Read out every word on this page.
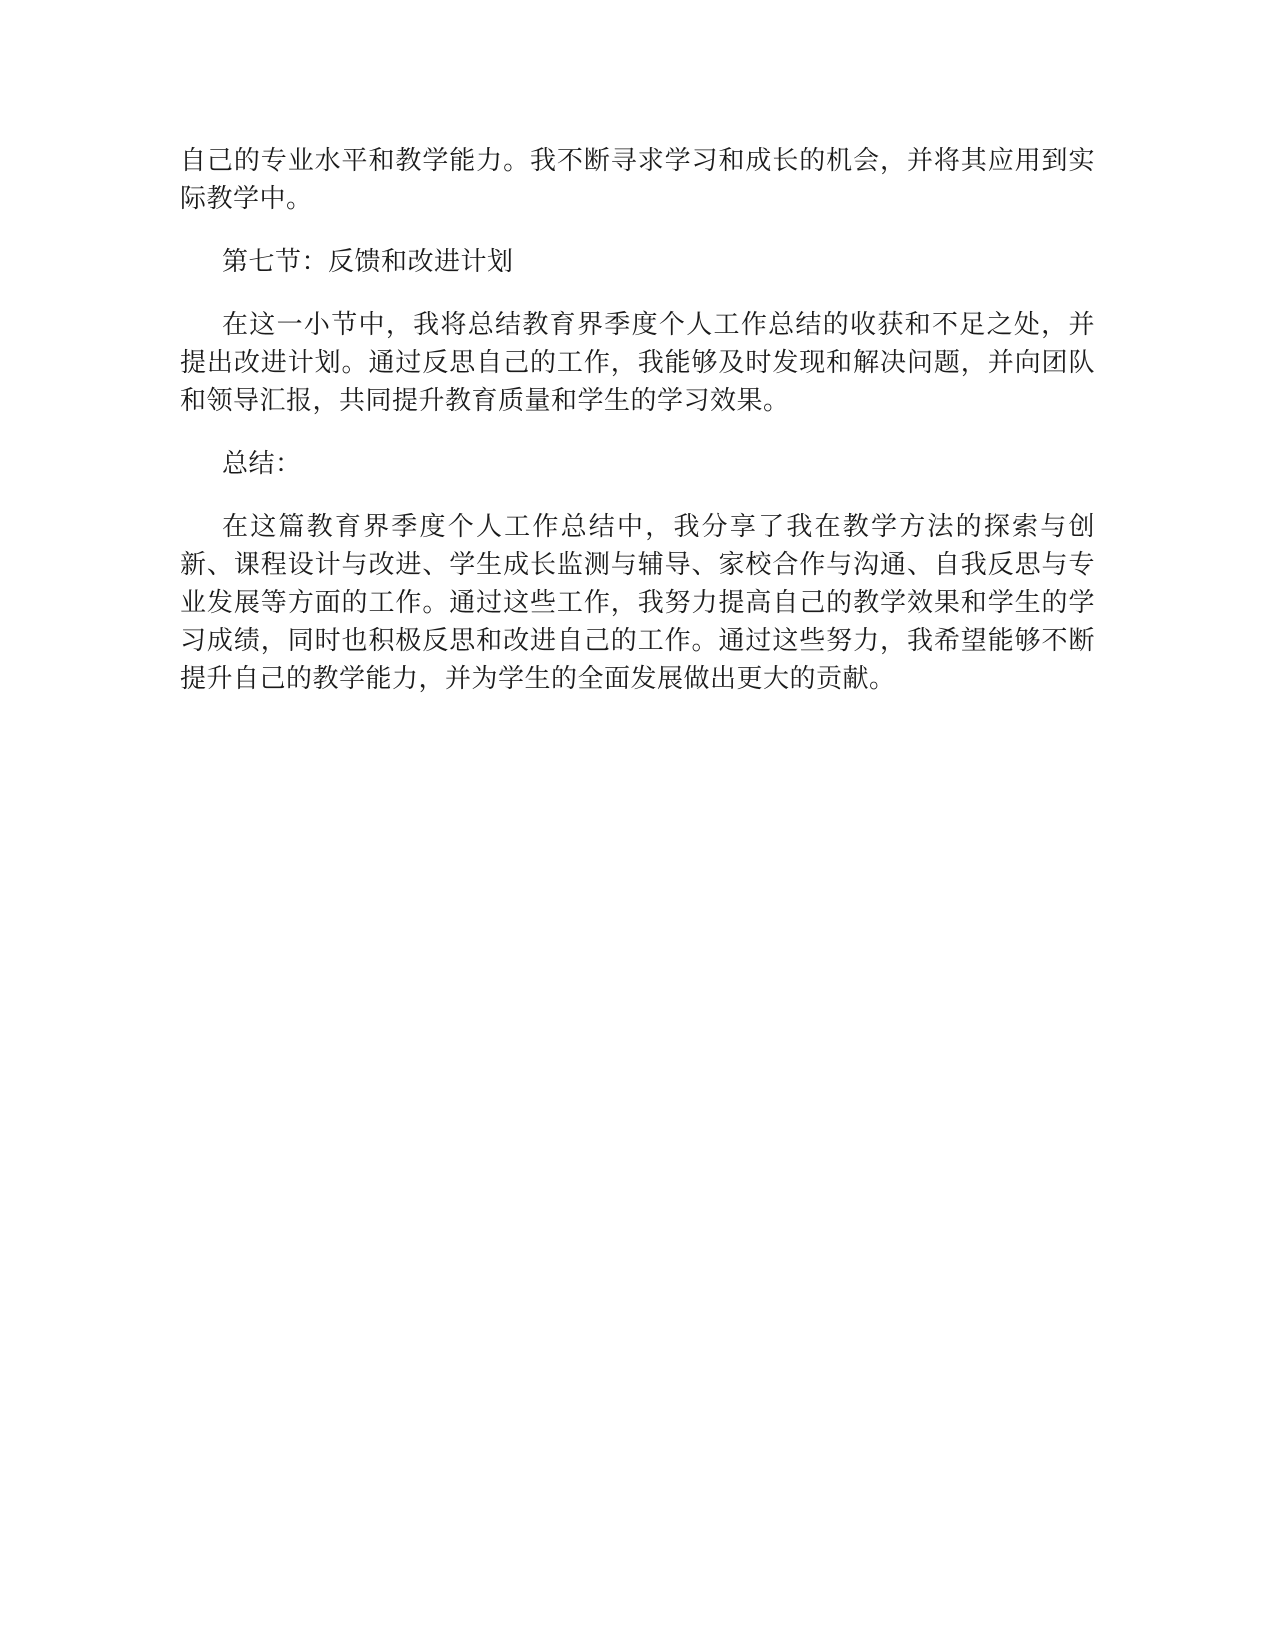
自己的专业水平和教学能力。我不断寻求学习和成长的机会，并将其应用到实际教学中。

第七节：反馈和改进计划

在这一小节中，我将总结教育界季度个人工作总结的收获和不足之处，并提出改进计划。通过反思自己的工作，我能够及时发现和解决问题，并向团队和领导汇报，共同提升教育质量和学生的学习效果。

总结：

在这篇教育界季度个人工作总结中，我分享了我在教学方法的探索与创新、课程设计与改进、学生成长监测与辅导、家校合作与沟通、自我反思与专业发展等方面的工作。通过这些工作，我努力提高自己的教学效果和学生的学习成绩，同时也积极反思和改进自己的工作。通过这些努力，我希望能够不断提升自己的教学能力，并为学生的全面发展做出更大的贡献。
